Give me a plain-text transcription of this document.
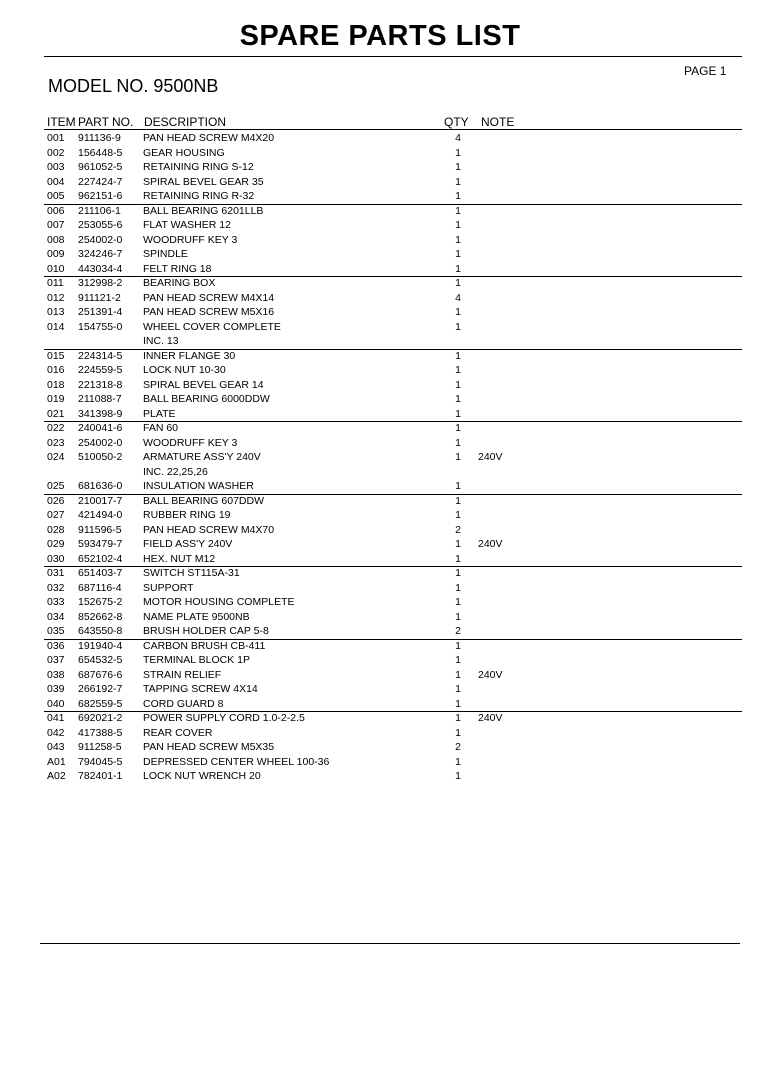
SPARE PARTS LIST
PAGE 1
MODEL NO. 9500NB
ITEM PART NO. DESCRIPTION	QTY NOTE
001 911136-9 PAN HEAD SCREW M4X20	4
002 156448-5 GEAR HOUSING	1
003 961052-5 RETAINING RING S-12	1
004 227424-7 SPIRAL BEVEL GEAR 35	1
005 962151-6 RETAINING RING R-32	1
006 211106-1 BALL BEARING 6201LLB	1
007 253055-6 FLAT WASHER 12	1
008 254002-0 WOODRUFF KEY 3	1
009 324246-7 SPINDLE	1
010 443034-4 FELT RING 18	1
011 312998-2 BEARING BOX	1
012 911121-2 PAN HEAD SCREW M4X14	4
013 251391-4 PAN HEAD SCREW M5X16	1
014 154755-0 WHEEL COVER COMPLETE	1
INC. 13
015 224314-5 INNER FLANGE 30	1
016 224559-5 LOCK NUT 10-30	1
018 221318-8 SPIRAL BEVEL GEAR 14	1
019 211088-7 BALL BEARING 6000DDW	1
021 341398-9 PLATE	1
022 240041-6 FAN 60	1
023 254002-0 WOODRUFF KEY 3	1
024 510050-2 ARMATURE ASS'Y 240V	1 240V
INC. 22,25,26
025 681636-0 INSULATION WASHER	1
026 210017-7 BALL BEARING 607DDW	1
027 421494-0 RUBBER RING 19	1
028 911596-5 PAN HEAD SCREW M4X70	2
029 593479-7 FIELD ASS'Y 240V	1 240V
030 652102-4 HEX. NUT M12	1
031 651403-7 SWITCH ST115A-31	1
032 687116-4 SUPPORT	1
033 152675-2 MOTOR HOUSING COMPLETE	1
034 852662-8 NAME PLATE 9500NB	1
035 643550-8 BRUSH HOLDER CAP 5-8	2
036 191940-4 CARBON BRUSH CB-411	1
037 654532-5 TERMINAL BLOCK 1P	1
038 687676-6 STRAIN RELIEF	1 240V
039 266192-7 TAPPING SCREW 4X14	1
040 682559-5 CORD GUARD 8	1
041 692021-2 POWER SUPPLY CORD 1.0-2-2.5	1 240V
042 417388-5 REAR COVER	1
043 911258-5 PAN HEAD SCREW M5X35	2
A01 794045-5 DEPRESSED CENTER WHEEL 100-36	1
A02 782401-1 LOCK NUT WRENCH 20	1
